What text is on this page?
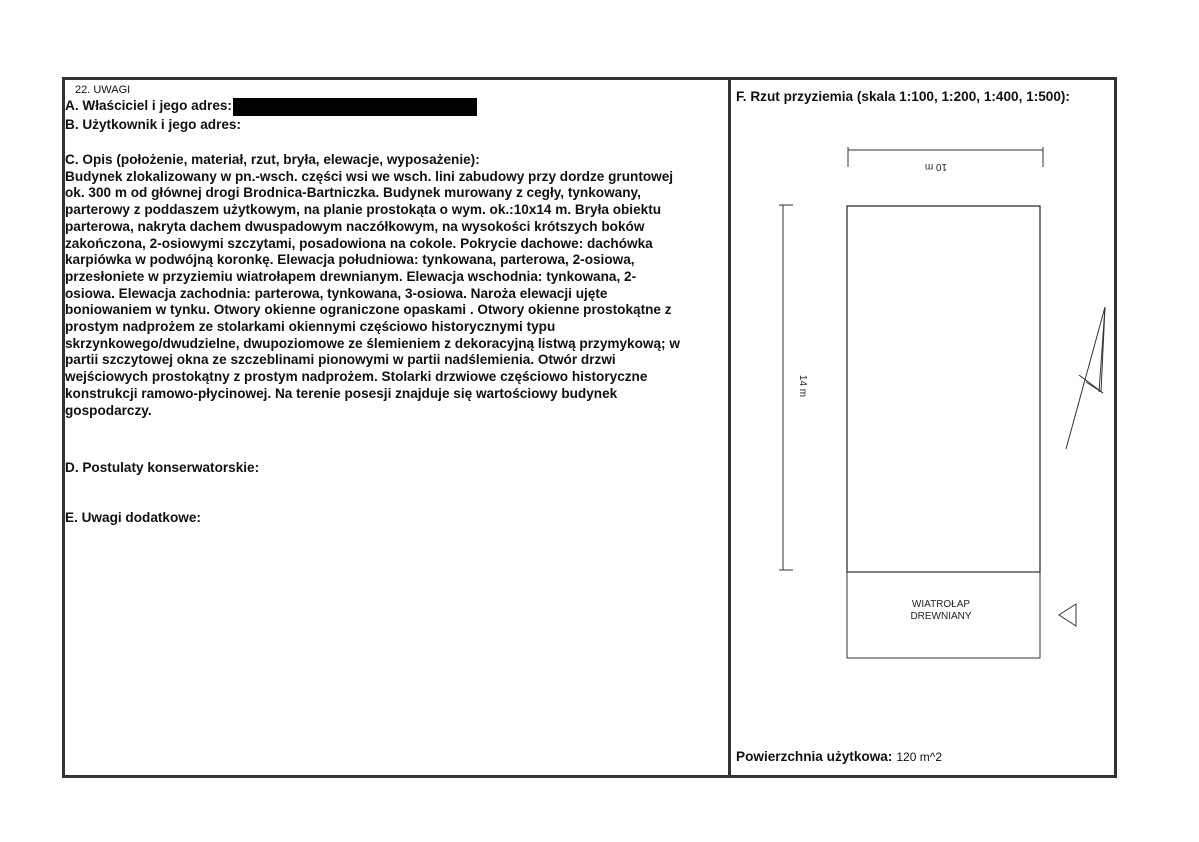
22. UWAGI
A. Właściciel i jego adres:
B. Użytkownik i jego adres:
C. Opis (położenie, materiał, rzut, bryła, elewacje, wyposażenie):
Budynek zlokalizowany w pn.-wsch. części wsi we wsch. lini zabudowy przy dordze gruntowej
ok. 300 m od głównej drogi Brodnica-Bartniczka. Budynek murowany z cegły, tynkowany,
parterowy z poddaszem użytkowym, na planie prostokąta o wym. ok.:10x14 m. Bryła obiektu
parterowa, nakryta dachem dwuspadowym naczółkowym, na wysokości krótszych boków
zakończona, 2-osiowymi szczytami, posadowiona na cokole. Pokrycie dachowe: dachówka
karpiówka w podwójną koronkę. Elewacja południowa: tynkowana, parterowa, 2-osiowa,
przesłoniete w przyziemiu wiatrołapem drewnianym. Elewacja wschodnia: tynkowana, 2-
osiowa. Elewacja zachodnia: parterowa, tynkowana, 3-osiowa. Naroża elewacji ujęte
boniowaniem w tynku. Otwory okienne ograniczone opaskami . Otwory okienne prostokątne z
prostym nadprożem ze stolarkami okiennymi częściowo historycznymi typu
skrzynkowego/dwudzielne, dwupoziomowe ze ślemieniem z dekoracyjną listwą przymykową; w
partii szczytowej okna ze szczeblinami pionowymi w partii nadślemienia. Otwór drzwi
wejściowych prostokątny z prostym nadprożem. Stolarki drzwiowe częściowo historyczne
konstrukcji ramowo-płycinowej. Na terenie posesji znajduje się wartościowy budynek
gospodarczy.
D. Postulaty konserwatorskie:
E. Uwagi dodatkowe:
F. Rzut przyziemia (skala 1:100, 1:200, 1:400, 1:500):
10 m
14 m
WIATROŁAP
DREWNIANY
Powierzchnia użytkowa: 120 m^2
